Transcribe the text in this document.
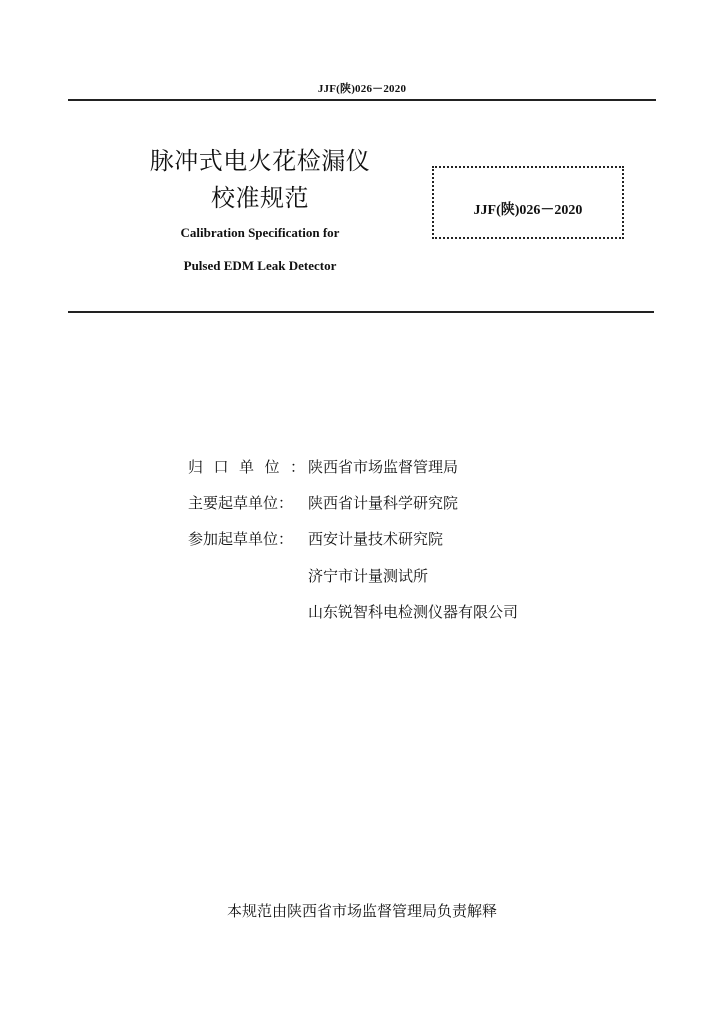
JJF(陕)026－2020
脉冲式电火花检漏仪
校准规范
Calibration Specification for
Pulsed EDM Leak Detector
JJF(陕)026－2020
归口单位：陕西省市场监督管理局
主要起草单位： 陕西省计量科学研究院
参加起草单位： 西安计量技术研究院
济宁市计量测试所
山东锐智科电检测仪器有限公司
本规范由陕西省市场监督管理局负责解释
